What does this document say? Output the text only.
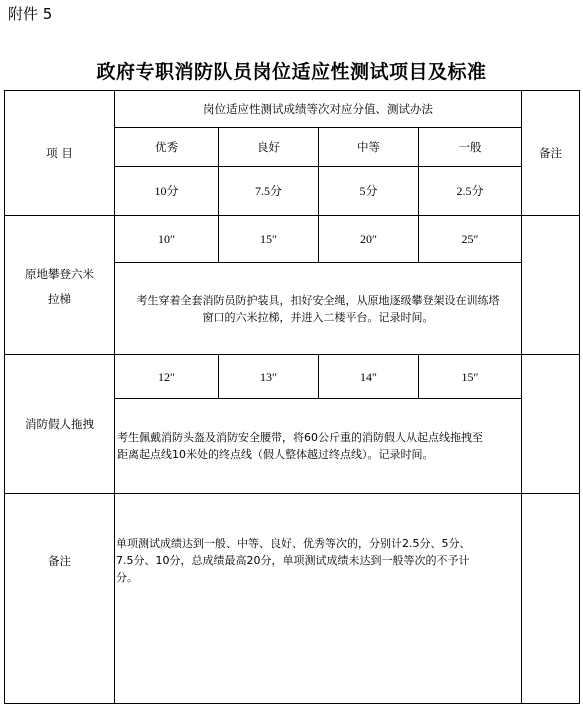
附件 5
政府专职消防队员岗位适应性测试项目及标准
项 目
岗位适应性测试成绩等次对应分值、测试办法
备注
优秀	良好	中等	一般
10分	7.5分	5分	2.5分
原地攀登六米
拉梯
10″	15″	20″	25″
考生穿着全套消防员防护装具，扣好安全绳，从原地逐级攀登架设在训练塔
窗口的六米拉梯，并进入二楼平台。记录时间。
消防假人拖拽
12″	13″	14″	15″
考生佩戴消防头盔及消防安全腰带，将60公斤重的消防假人从起点线拖拽至
距离起点线10米处的终点线（假人整体越过终点线）。记录时间。
备注
单项测试成绩达到一般、中等、良好、优秀等次的，分别计2.5分、5分、
7.5分、10分，总成绩最高20分，单项测试成绩未达到一般等次的不予计
分。
